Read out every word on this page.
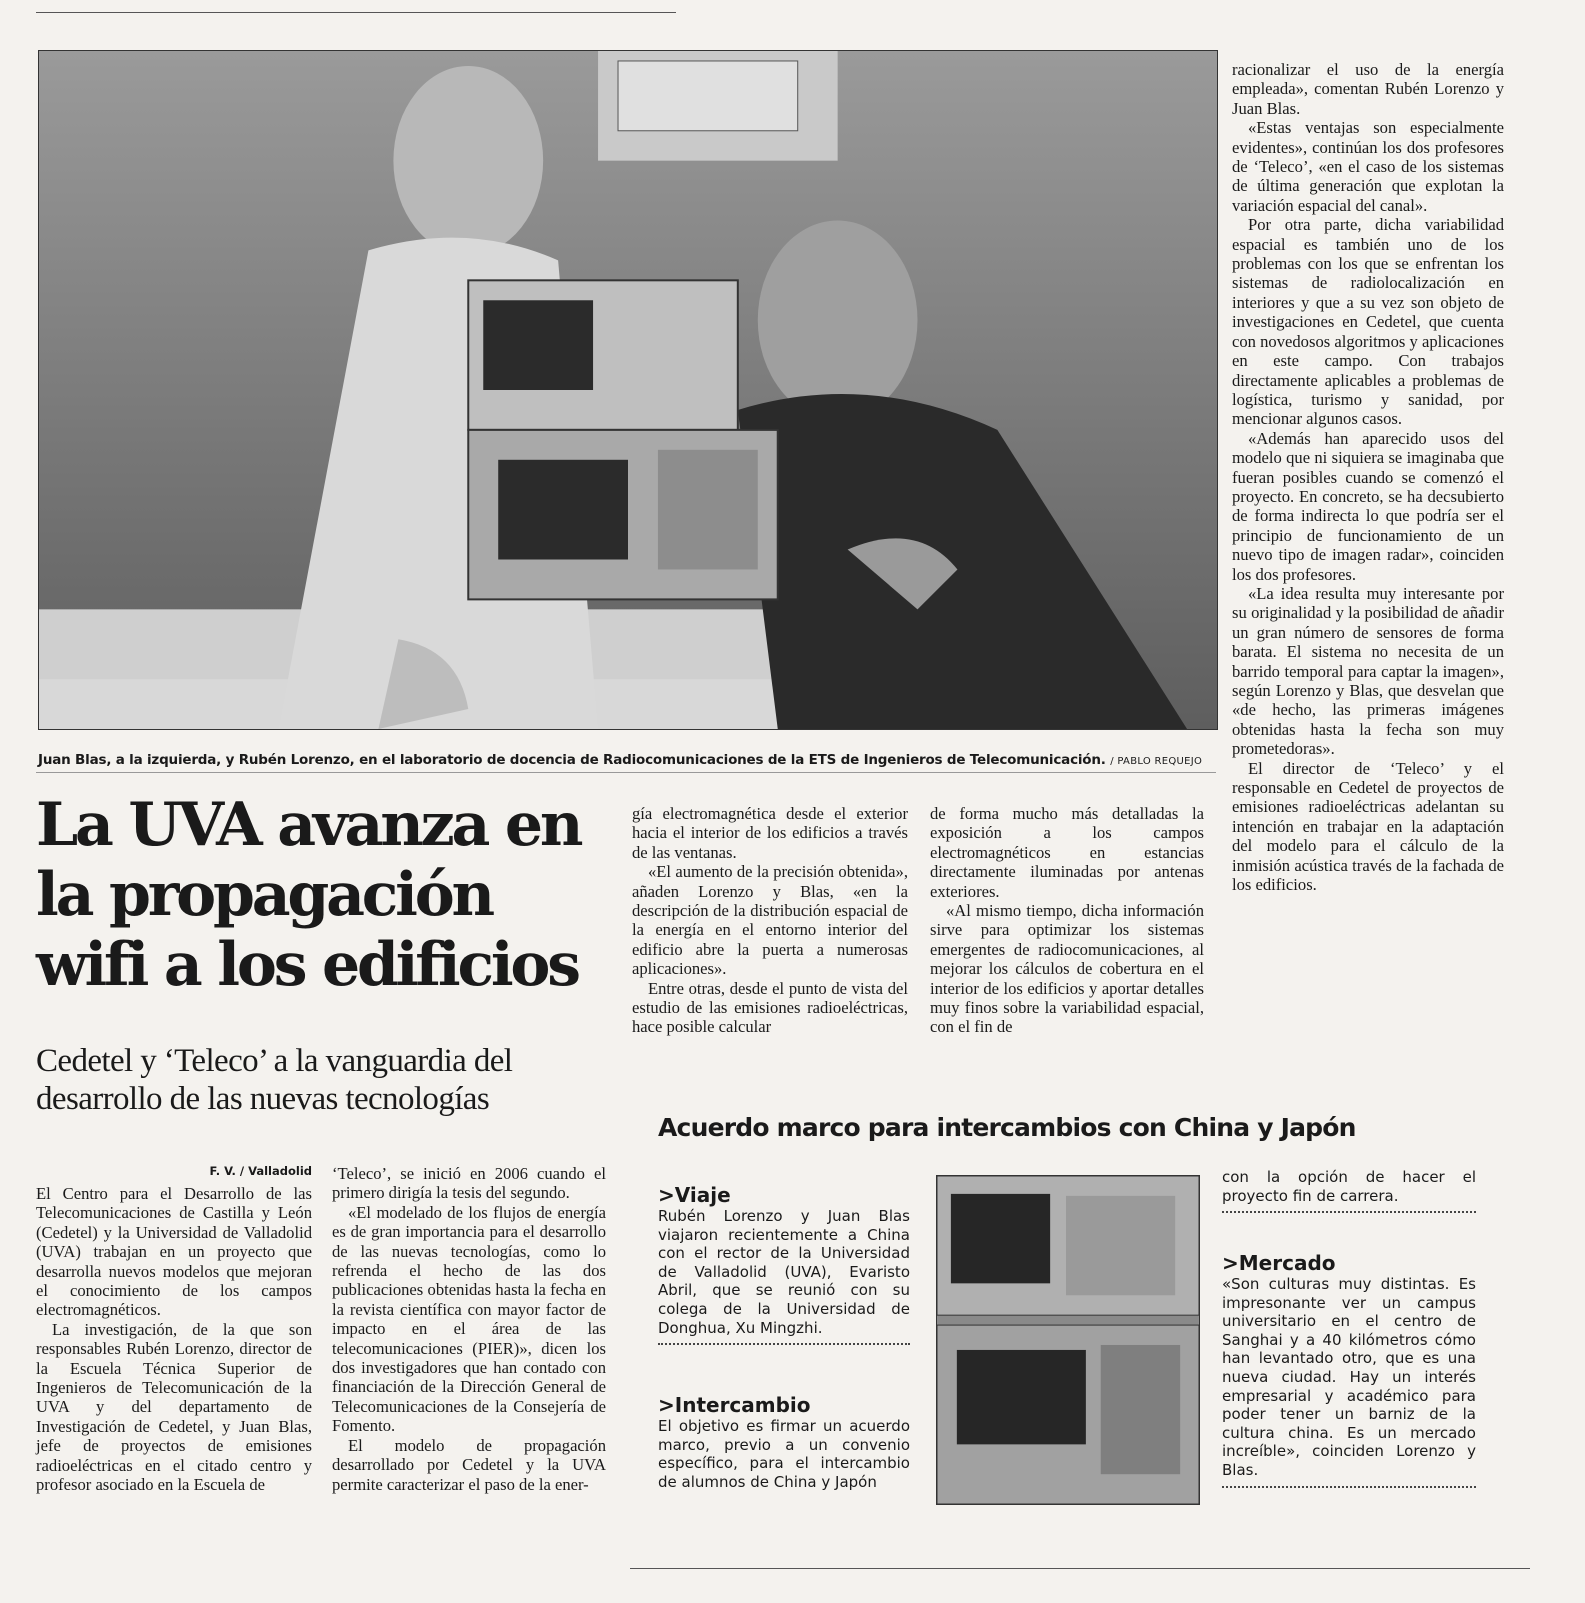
Juan Blas, a la izquierda, y Rubén Lorenzo, en el laboratorio de docencia de Radiocomunicaciones de la ETS de Ingenieros de Telecomunicación. / PABLO REQUEJO
La UVA avanza en la propagación wifi a los edificios
Cedetel y ‘Teleco’ a la vanguardia del desarrollo de las nuevas tecnologías
F. V. / Valladolid

El Centro para el Desarrollo de las Telecomunicaciones de Castilla y León (Cedetel) y la Universidad de Valladolid (UVA) trabajan en un proyecto que desarrolla nuevos modelos que mejoran el conocimiento de los campos electromagnéticos.

La investigación, de la que son responsables Rubén Lorenzo, director de la Escuela Técnica Superior de Ingenieros de Telecomunicación de la UVA y del departamento de Investigación de Cedetel, y Juan Blas, jefe de proyectos de emisiones radioeléctricas en el citado centro y profesor asociado en la Escuela de

‘Teleco’, se inició en 2006 cuando el primero dirigía la tesis del segundo.

«El modelado de los flujos de energía es de gran importancia para el desarrollo de las nuevas tecnologías, como lo refrenda el hecho de las dos publicaciones obtenidas hasta la fecha en la revista científica con mayor factor de impacto en el área de las telecomunicaciones (PIER)», dicen los dos investigadores que han contado con financiación de la Dirección General de Telecomunicaciones de la Consejería de Fomento.

El modelo de propagación desarrollado por Cedetel y la UVA permite caracterizar el paso de la ener-

gía electromagnética desde el exterior hacia el interior de los edificios a través de las ventanas.

«El aumento de la precisión obtenida», añaden Lorenzo y Blas, «en la descripción de la distribución espacial de la energía en el entorno interior del edificio abre la puerta a numerosas aplicaciones».

Entre otras, desde el punto de vista del estudio de las emisiones radioeléctricas, hace posible calcular

de forma mucho más detalladas la exposición a los campos electromagnéticos en estancias directamente iluminadas por antenas exteriores.

«Al mismo tiempo, dicha información sirve para optimizar los sistemas emergentes de radiocomunicaciones, al mejorar los cálculos de cobertura en el interior de los edificios y aportar detalles muy finos sobre la variabilidad espacial, con el fin de

racionalizar el uso de la energía empleada», comentan Rubén Lorenzo y Juan Blas.

«Estas ventajas son especialmente evidentes», continúan los dos profesores de ‘Teleco’, «en el caso de los sistemas de última generación que explotan la variación espacial del canal».

Por otra parte, dicha variabilidad espacial es también uno de los problemas con los que se enfrentan los sistemas de radiolocalización en interiores y que a su vez son objeto de investigaciones en Cedetel, que cuenta con novedosos algoritmos y aplicaciones en este campo. Con trabajos directamente aplicables a problemas de logística, turismo y sanidad, por mencionar algunos casos.

«Además han aparecido usos del modelo que ni siquiera se imaginaba que fueran posibles cuando se comenzó el proyecto. En concreto, se ha decsubierto de forma indirecta lo que podría ser el principio de funcionamiento de un nuevo tipo de imagen radar», coinciden los dos profesores.

«La idea resulta muy interesante por su originalidad y la posibilidad de añadir un gran número de sensores de forma barata. El sistema no necesita de un barrido temporal para captar la imagen», según Lorenzo y Blas, que desvelan que «de hecho, las primeras imágenes obtenidas hasta la fecha son muy prometedoras».

El director de ‘Teleco’ y el responsable en Cedetel de proyectos de emisiones radioeléctricas adelantan su intención en trabajar en la adaptación del modelo para el cálculo de la inmisión acústica través de la fachada de los edificios.

Acuerdo marco para intercambios con China y Japón
>Viaje
Rubén Lorenzo y Juan Blas viajaron recientemente a China con el rector de la Universidad de Valladolid (UVA), Evaristo Abril, que se reunió con su colega de la Universidad de Donghua, Xu Mingzhi.
>Intercambio
El objetivo es firmar un acuerdo marco, previo a un convenio específico, para el intercambio de alumnos de China y Japón
con la opción de hacer el proyecto fin de carrera.
>Mercado
«Son culturas muy distintas. Es impresonante ver un campus universitario en el centro de Sanghai y a 40 kilómetros cómo han levantado otro, que es una nueva ciudad. Hay un interés empresarial y académico para poder tener un barniz de la cultura china. Es un mercado increíble», coinciden Lorenzo y Blas.
